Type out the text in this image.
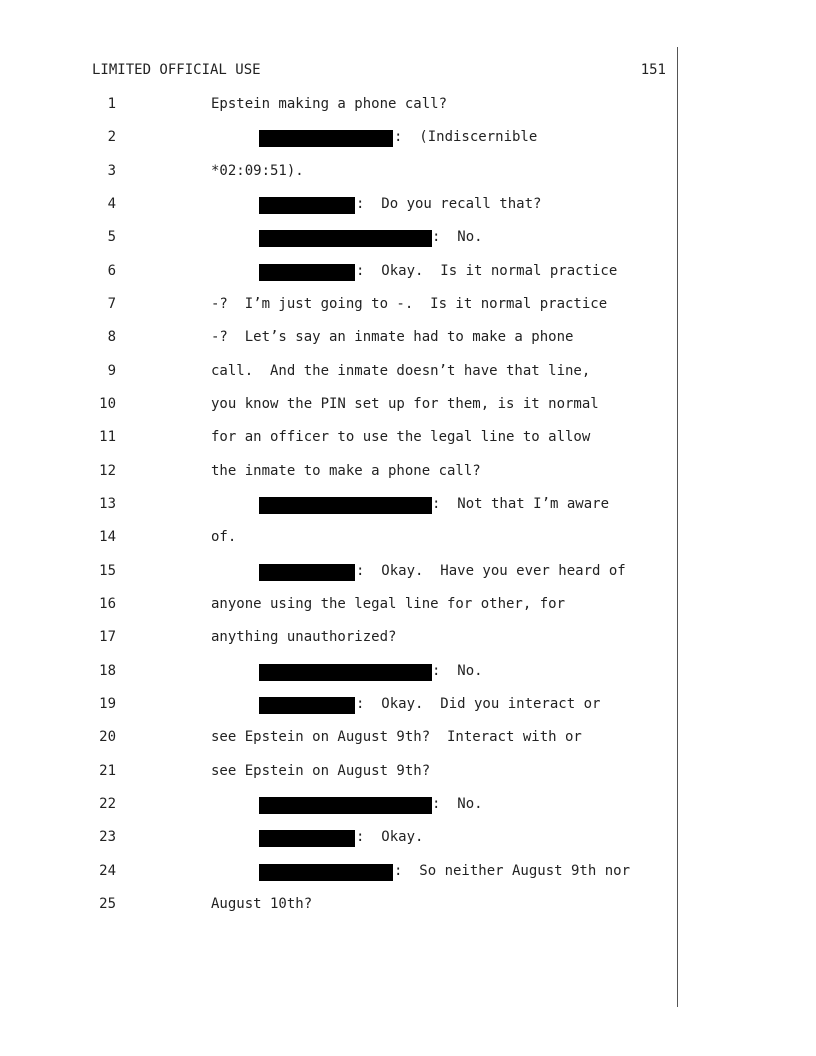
LIMITED OFFICIAL USE	151
1	Epstein making a phone call?
2	:  (Indiscernible
3	*02:09:51).
4	:  Do you recall that?
5	:  No.
6	:  Okay.  Is it normal practice
7	-?  I’m just going to -.  Is it normal practice
8	-?  Let’s say an inmate had to make a phone
9	call.  And the inmate doesn’t have that line,
10	you know the PIN set up for them, is it normal
11	for an officer to use the legal line to allow
12	the inmate to make a phone call?
13	:  Not that I’m aware
14	of.
15	:  Okay.  Have you ever heard of
16	anyone using the legal line for other, for
17	anything unauthorized?
18	:  No.
19	:  Okay.  Did you interact or
20	see Epstein on August 9th?  Interact with or
21	see Epstein on August 9th?
22	:  No.
23	:  Okay.
24	:  So neither August 9th nor
25	August 10th?
